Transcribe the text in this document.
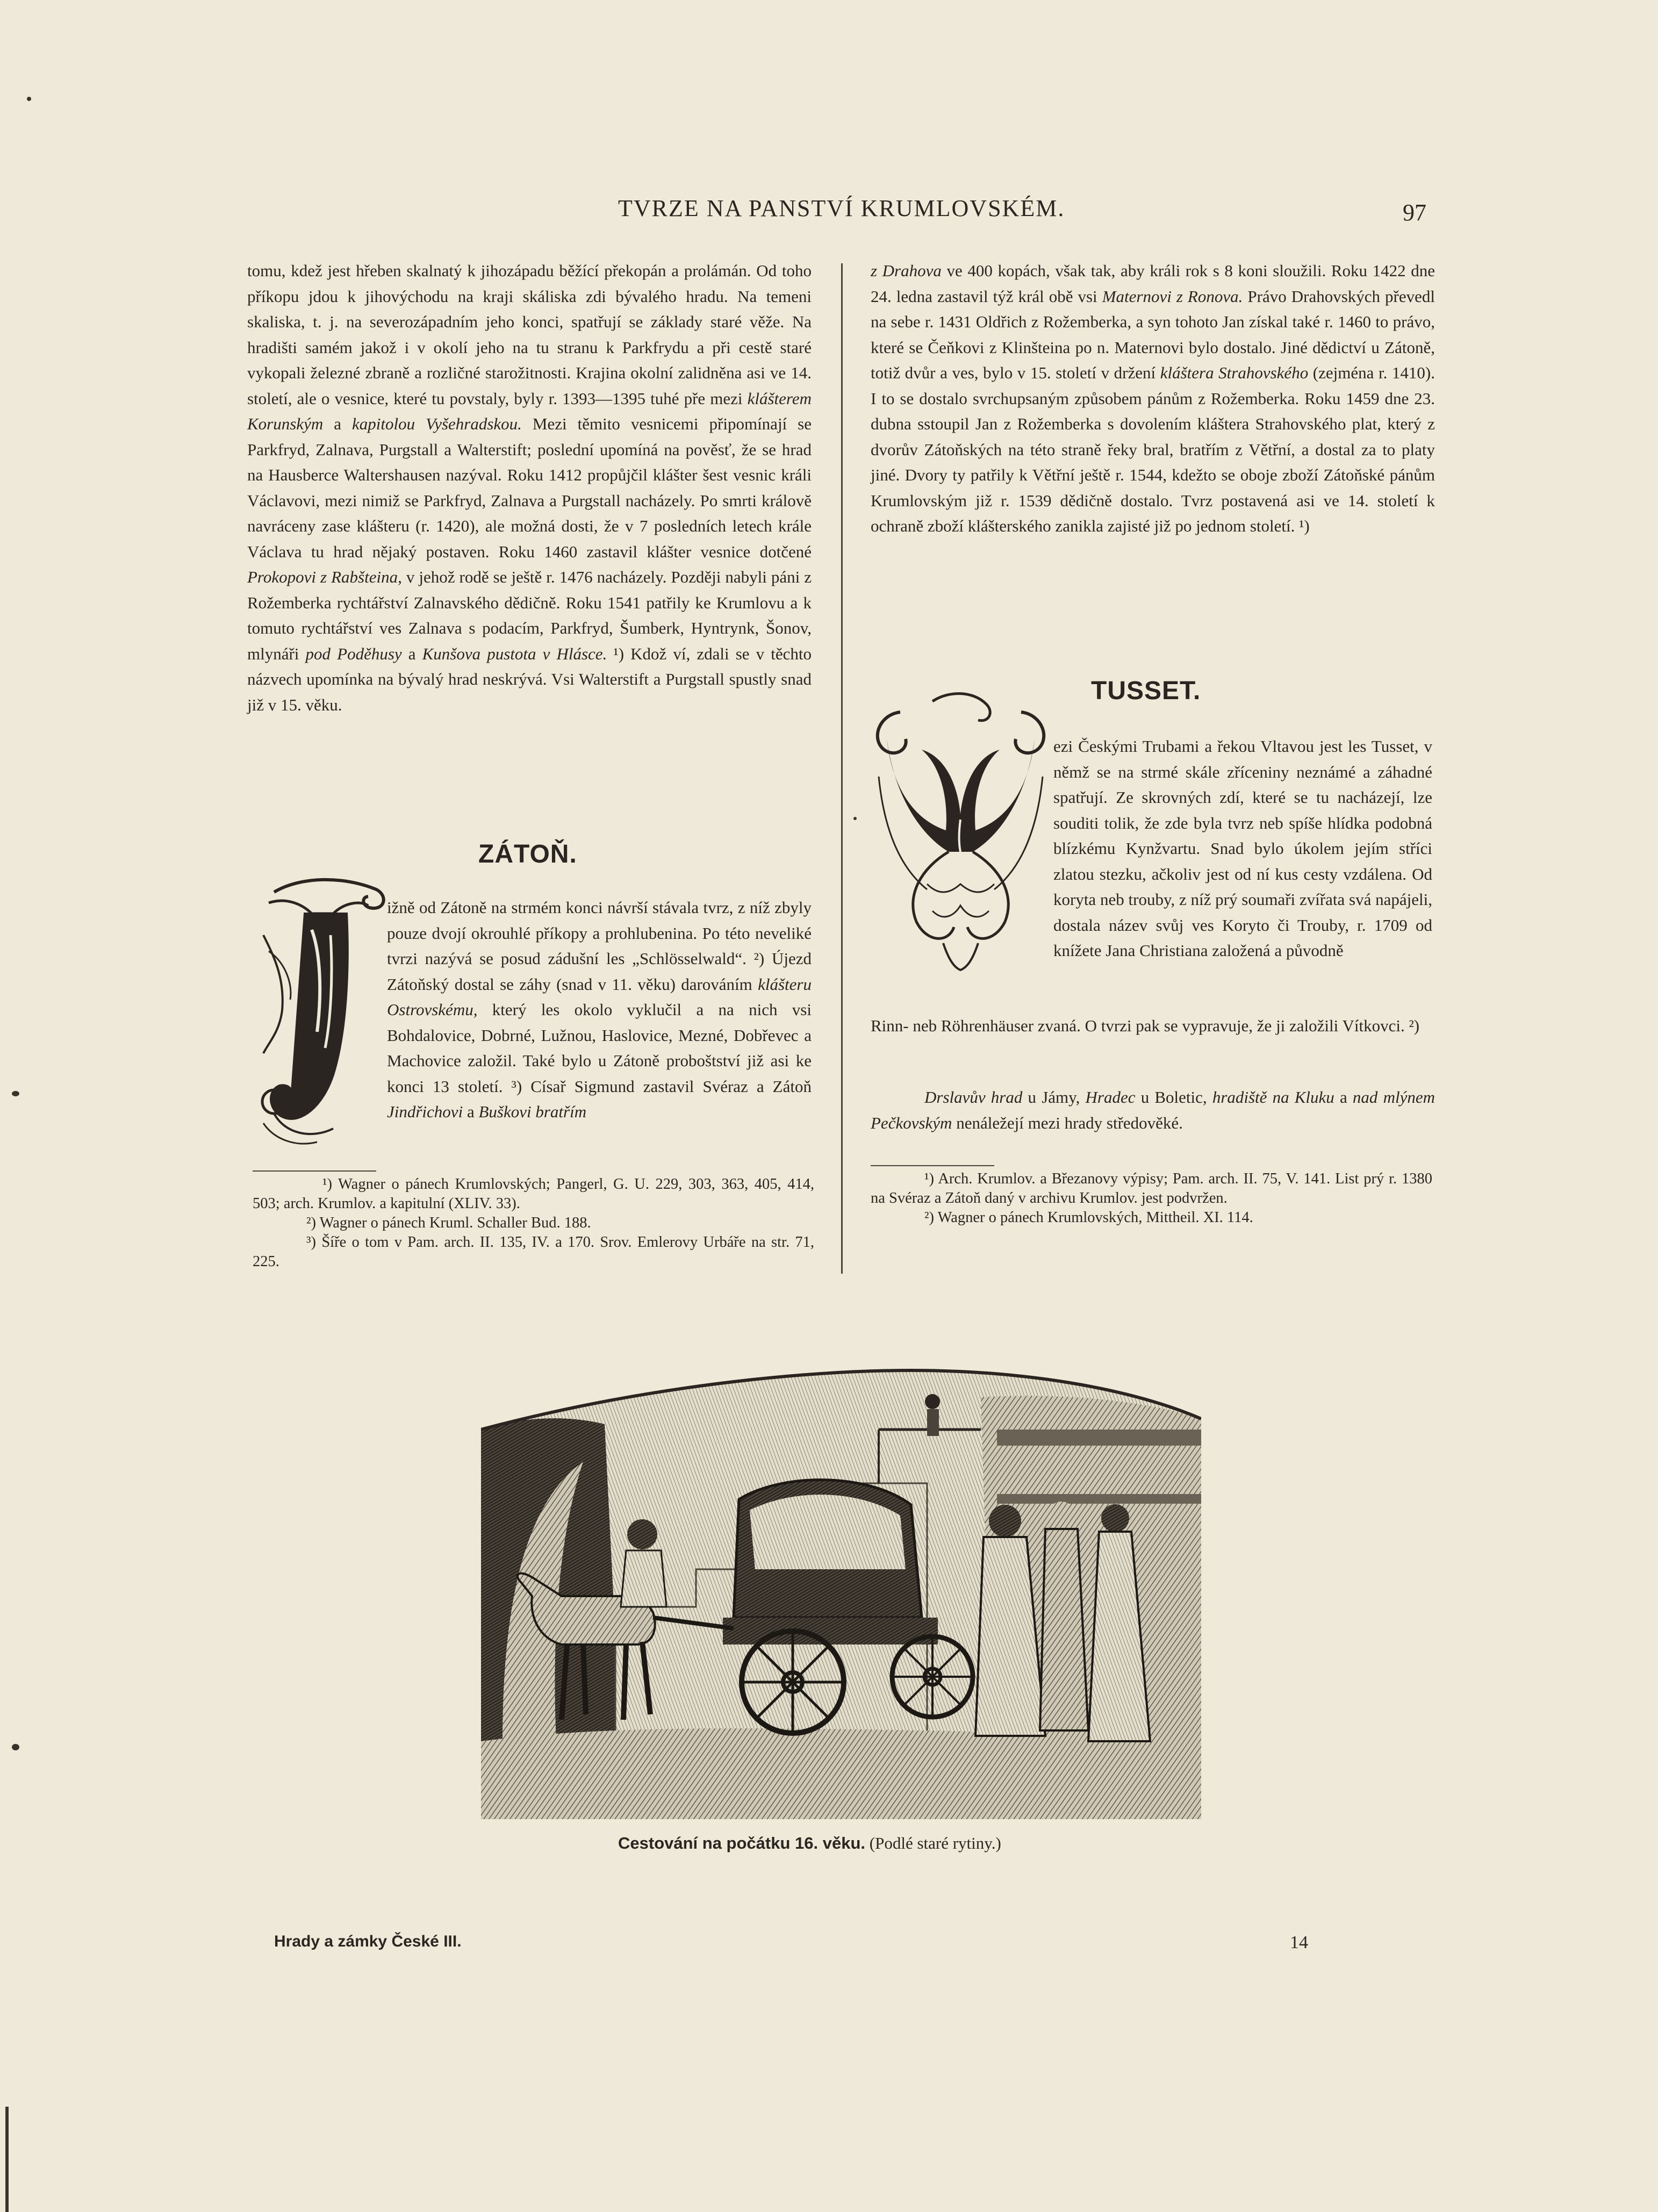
TVRZE NA PANSTVÍ KRUMLOVSKÉM.	97

tomu, kdež jest hřeben skalnatý k jihozápadu běžící překopán a prolámán. Od toho příkopu jdou k jihovýchodu na kraji skáliska zdi bývalého hradu. Na temeni skaliska, t. j. na severozápadním jeho konci, spatřují se základy staré věže. Na hradišti samém jakož i v okolí jeho na tu stranu k Parkfrydu a při cestě staré vykopali železné zbraně a rozličné starožitnosti. Krajina okolní zalidněna asi ve 14. století, ale o vesnice, které tu povstaly, byly r. 1393—1395 tuhé pře mezi klášterem Korunským a kapitolou Vyšehradskou. Mezi těmito vesnicemi připomínají se Parkfryd, Zalnava, Purgstall a Walterstift; poslední upomíná na pověsť, že se hrad na Hausberce Waltershausen nazýval. Roku 1412 propůjčil klášter šest vesnic králi Václavovi, mezi nimiž se Parkfryd, Zalnava a Purgstall nacházely. Po smrti královĕ navráceny zase klášteru (r. 1420), ale možná dosti, že v 7 posledních letech krále Václava tu hrad nějaký postaven. Roku 1460 zastavil klášter vesnice dotčené Prokopovi z Rabšteina, v jehož rodě se ještě r. 1476 nacházely. Později nabyli páni z Rožemberka rychtářství Zalnavského dědičně. Roku 1541 patřily ke Krumlovu a k tomuto rychtářství ves Zalnava s podacím, Parkfryd, Šumberk, Hyntrynk, Šonov, mlynáři pod Poděhusy a Kunšova pustota v Hlásce. ¹) Kdož ví, zdali se v těchto názvech upomínka na bývalý hrad neskrývá. Vsi Walterstift a Purgstall spustly snad již v 15. věku.

ZÁTOŇ.

ižně od Zátoně na strmém konci návrší stávala tvrz, z níž zbyly pouze dvojí okrouhlé příkopy a prohlubenina. Po této neveliké tvrzi nazývá se posud zádušní les „Schlösselwald“. ²) Újezd Zátoňský dostal se záhy (snad v 11. věku) darováním klášteru Ostrovskému, který les okolo vyklučil a na nich vsi Bohdalovice, Dobrné, Lužnou, Haslovice, Mezné, Dobřevec a Machovice založil. Také bylo u Zátoně proboštství již asi ke konci 13 století. ³) Císař Sigmund zastavil Svéraz a Zátoň Jindřichovi a Buškovi bratřím

¹) Wagner o pánech Krumlovských; Pangerl, G. U. 229, 303, 363, 405, 414, 503; arch. Krumlov. a kapitulní (XLIV. 33).

²) Wagner o pánech Kruml. Schaller Bud. 188.

³) Šíře o tom v Pam. arch. II. 135, IV. a 170. Srov. Emlerovy Urbáře na str. 71, 225.

z Drahova ve 400 kopách, však tak, aby králi rok s 8 koni sloužili. Roku 1422 dne 24. ledna zastavil týž král obě vsi Maternovi z Ronova. Právo Drahovských převedl na sebe r. 1431 Oldřich z Rožemberka, a syn tohoto Jan získal také r. 1460 to právo, které se Čeňkovi z Klinšteina po n. Maternovi bylo dostalo. Jiné dědictví u Zátoně, totiž dvůr a ves, bylo v 15. století v držení kláštera Strahovského (zejména r. 1410). I to se dostalo svrchupsaným způsobem pánům z Rožemberka. Roku 1459 dne 23. dubna sstoupil Jan z Rožemberka s dovolením kláštera Strahovského plat, který z dvorův Zátoňských na této straně řeky bral, bratřím z Větřní, a dostal za to platy jiné. Dvory ty patřily k Větřní ještě r. 1544, kdežto se oboje zboží Zátoňské pánům Krumlovským již r. 1539 dědičně dostalo. Tvrz postavená asi ve 14. století k ochraně zboží klášterského zanikla zajisté již po jednom století. ¹)

TUSSET.
ezi Českými Trubami a řekou Vltavou jest les Tusset, v němž se na strmé skále zříceniny neznámé a záhadné spatřují. Ze skrovných zdí, které se tu nacházejí, lze souditi tolik, že zde byla tvrz neb spíše hlídka podobná blízkému Kynžvartu. Snad bylo úkolem jejím stříci zlatou stezku, ačkoliv jest od ní kus cesty vzdálena. Od koryta neb trouby, z níž prý soumaři zvířata svá napájeli, dostala název svůj ves Koryto či Trouby, r. 1709 od knížete Jana Christiana založená a původně
Rinn- neb Röhrenhäuser zvaná. O tvrzi pak se vypravuje, že ji založili Vítkovci. ²)

Drslavův hrad u Jámy, Hradec u Boletic, hradiště na Kluku a nad mlýnem Pečkovským nenáležejí mezi hrady středověké.

¹) Arch. Krumlov. a Březanovy výpisy; Pam. arch. II. 75, V. 141. List prý r. 1380 na Svéraz a Zátoň daný v archivu Krumlov. jest podvržen.

²) Wagner o pánech Krumlovských, Mittheil. XI. 114.

Cestování na počátku 16. věku. (Podlé staré rytiny.)
Hrady a zámky České III.	14
